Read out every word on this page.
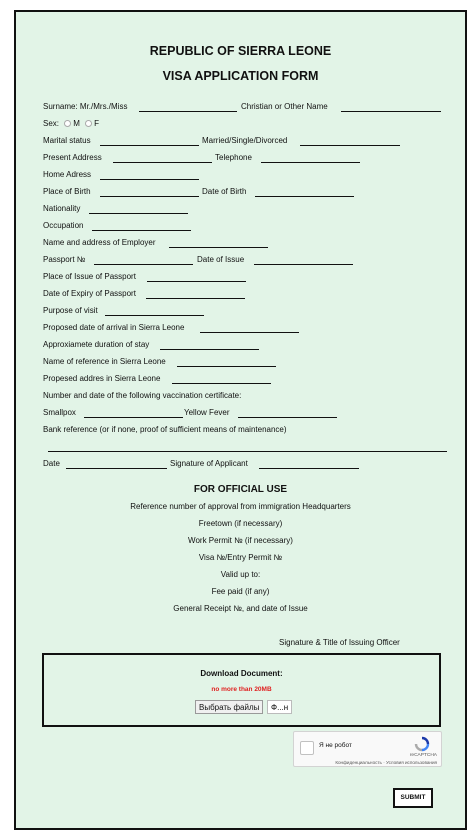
REPUBLIC OF SIERRA LEONE
VISA APPLICATION FORM
Surname: Mr./Mrs./Miss	Christian or Other Name
Sex: M F
Marital status	Married/Single/Divorced
Present Address	Telephone
Home Adress
Place of Birth	Date of Birth
Nationality
Occupation
Name and address of Employer
Passport №	Date of Issue
Place of Issue of Passport
Date of Expiry of Passport
Purpose of visit
Proposed date of arrival in Sierra Leone
Approxiamete duration of stay
Name of reference in Sierra Leone
Propesed addres in Sierra Leone
Number and date of the following vaccination certificate:
Smallpox	Yellow Fever
Bank reference (or if none, proof of sufficient means of maintenance)
Date	Signature of Applicant
FOR OFFICIAL USE
Reference number of approval from immigration Headquarters
Freetown (if necessary)
Work Permit № (if necessary)
Visa №/Entry Permit №
Valid up to:
Fee paid (if any)
General Receipt №, and date of Issue
Signature & Title of Issuing Officer
Download Document:
no more than 20MB
Выбрать файлы	Ф...н
Я не робот
reCAPTCHA
Конфиденциальность · Условия использования
SUBMIT
